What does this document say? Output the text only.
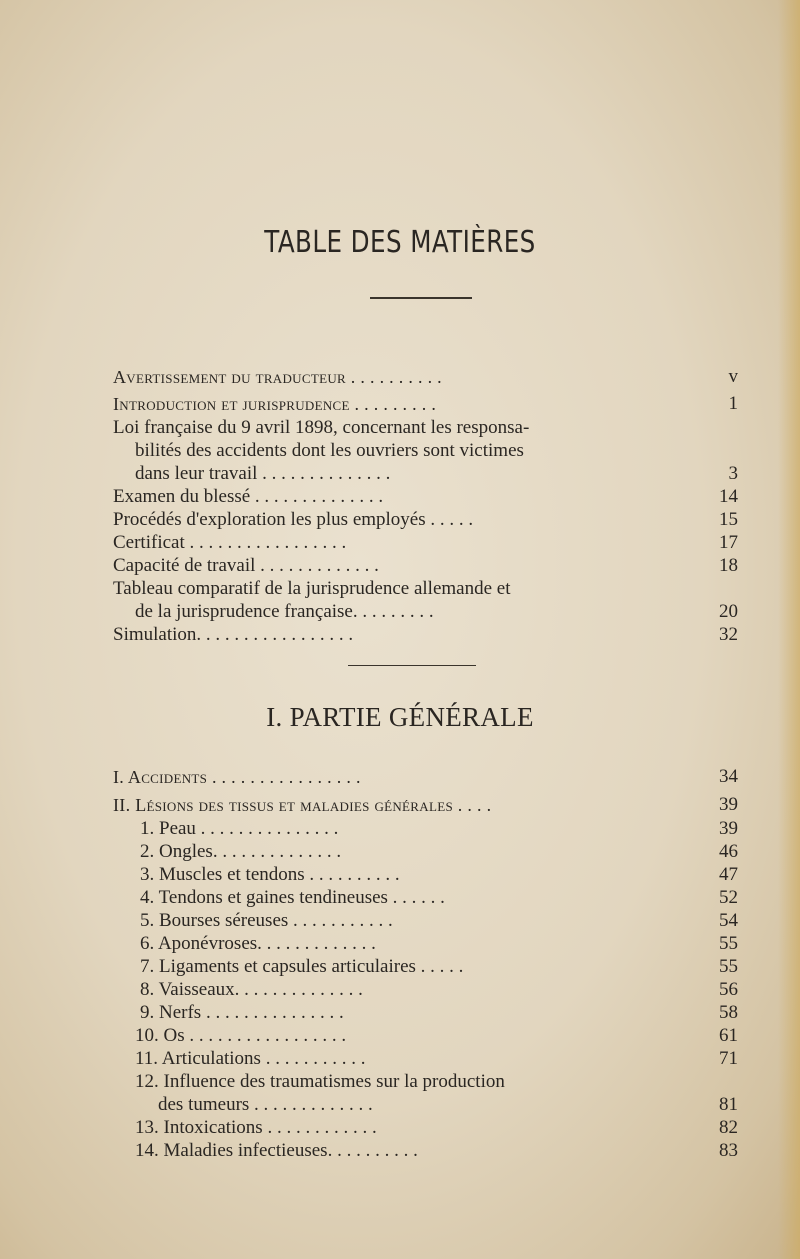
TABLE DES MATIÈRES
Avertissement du traducteur . . . . . . . . . .	v
Introduction et jurisprudence . . . . . . . . .	1
Loi française du 9 avril 1898, concernant les responsa-
bilités des accidents dont les ouvriers sont victimes
dans leur travail . . . . . . . . . . . . . .	3
Examen du blessé . . . . . . . . . . . . . .	14
Procédés d'exploration les plus employés . . . . .	15
Certificat . . . . . . . . . . . . . . . . .	17
Capacité de travail . . . . . . . . . . . . .	18
Tableau comparatif de la jurisprudence allemande et
de la jurisprudence française. . . . . . . . .	20
Simulation. . . . . . . . . . . . . . . . .	32
I. PARTIE GÉNÉRALE
I. Accidents . . . . . . . . . . . . . . . .	34
II. Lésions des tissus et maladies générales . . . .	39
1. Peau . . . . . . . . . . . . . . .	39
2. Ongles. . . . . . . . . . . . . .	46
3. Muscles et tendons . . . . . . . . . .	47
4. Tendons et gaines tendineuses . . . . . .	52
5. Bourses séreuses . . . . . . . . . . .	54
6. Aponévroses. . . . . . . . . . . . .	55
7. Ligaments et capsules articulaires . . . . .	55
8. Vaisseaux. . . . . . . . . . . . . .	56
9. Nerfs . . . . . . . . . . . . . . .	58
10. Os . . . . . . . . . . . . . . . . .	61
11. Articulations . . . . . . . . . . .	71
12. Influence des traumatismes sur la production
des tumeurs . . . . . . . . . . . . .	81
13. Intoxications . . . . . . . . . . . .	82
14. Maladies infectieuses. . . . . . . . . .	83
